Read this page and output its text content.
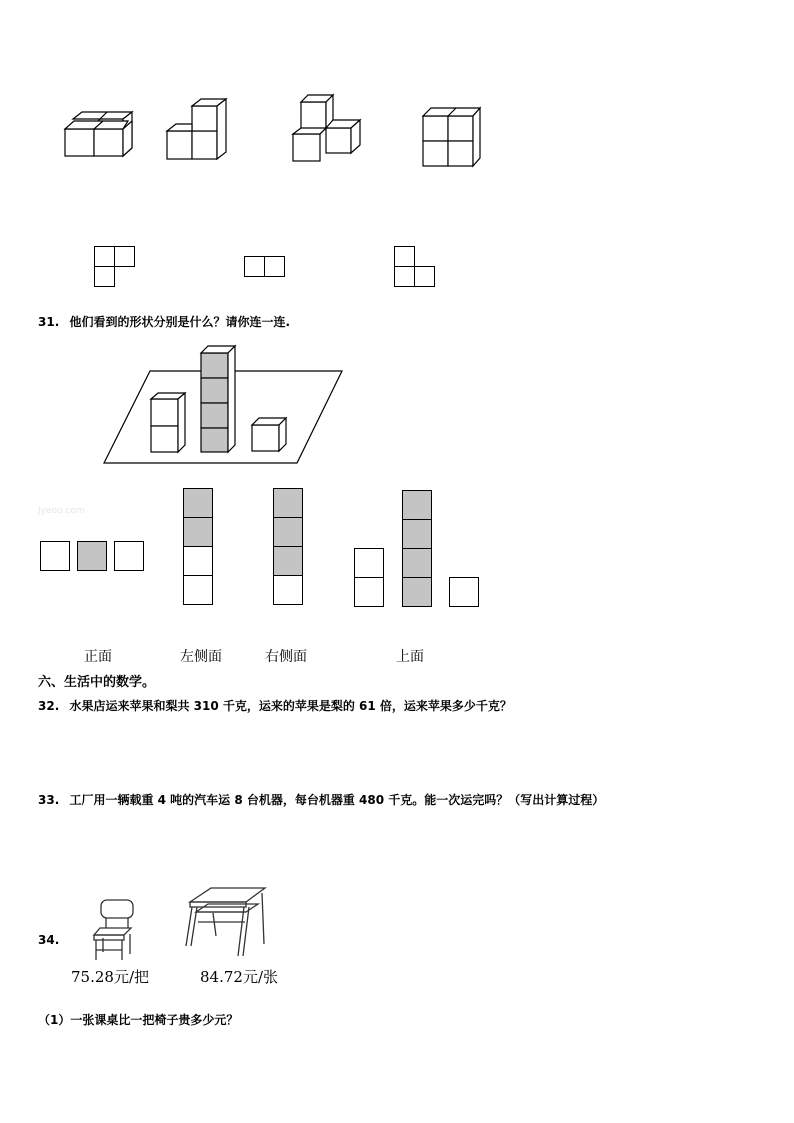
31. 他们看到的形状分别是什么？请你连一连.
Jyeoo.com
正面	左侧面	右侧面	上面
六、生活中的数学。
32. 水果店运来苹果和梨共 310 千克，运来的苹果是梨的 61 倍，运来苹果多少千克？
33. 工厂用一辆载重 4 吨的汽车运 8 台机器，每台机器重 480 千克。能一次运完吗？（写出计算过程）
34.
75.28元/把	84.72元/张
（1）一张课桌比一把椅子贵多少元？
